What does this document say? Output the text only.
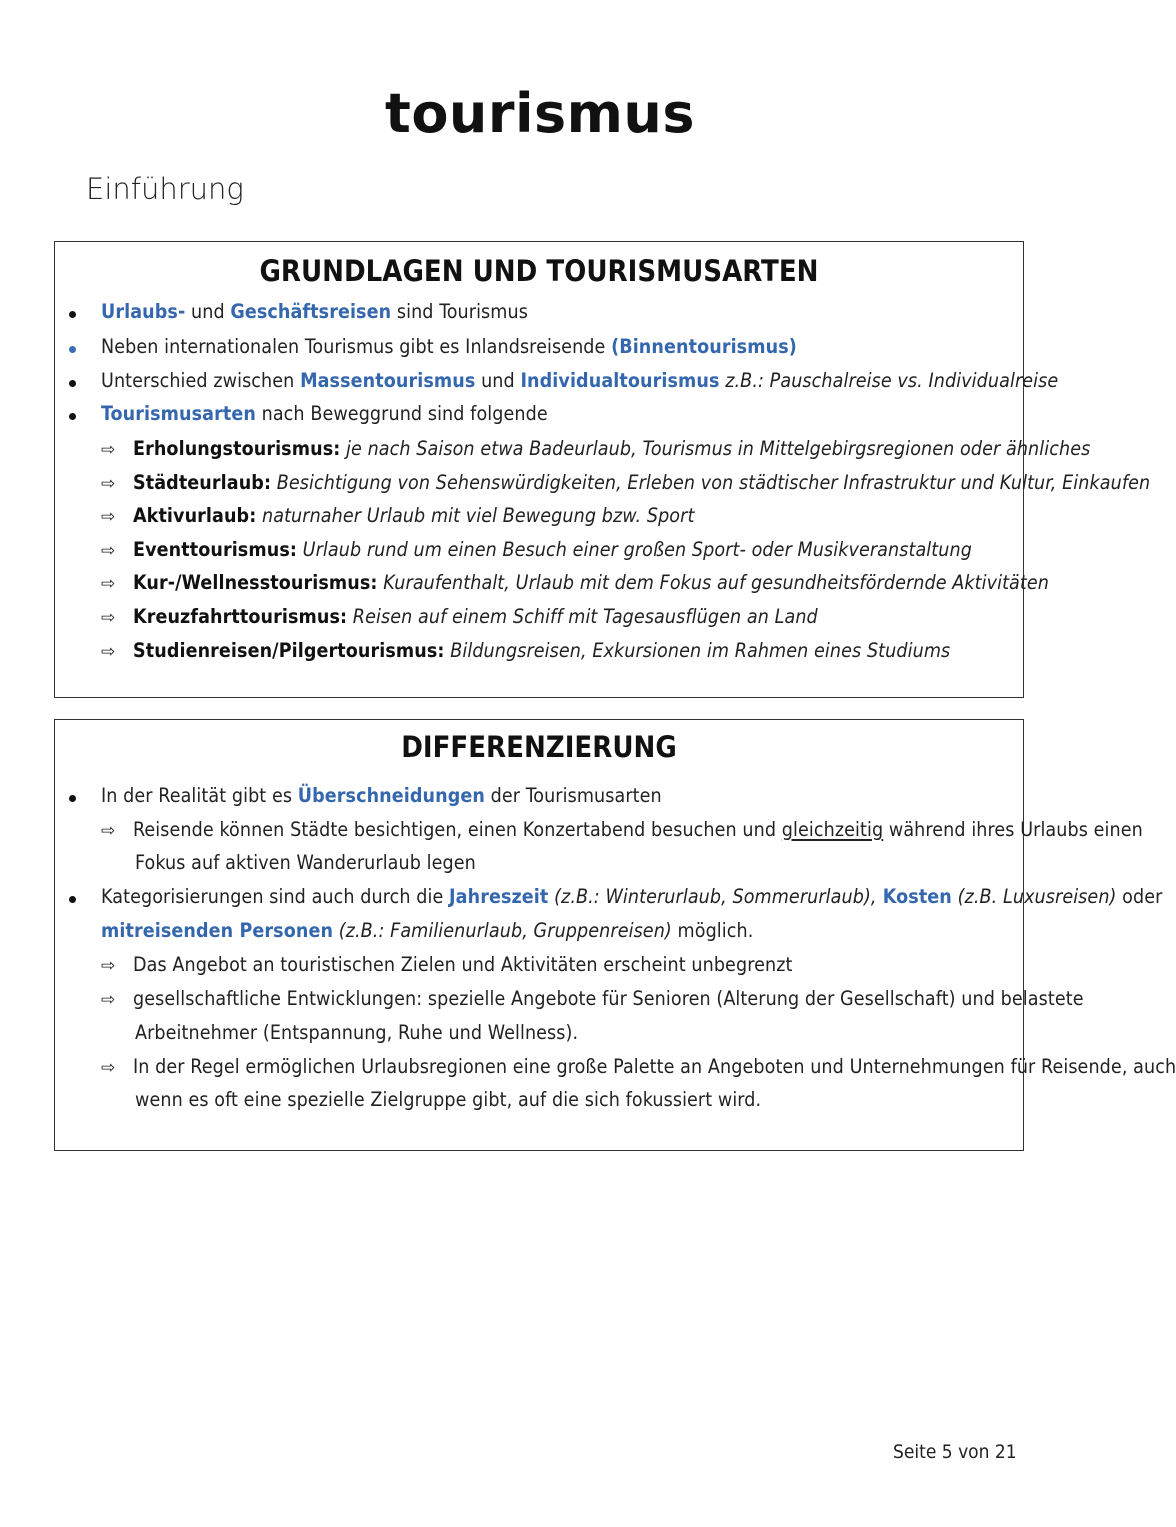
tourismus
Einführung
GRUNDLAGEN UND TOURISMUSARTEN
Urlaubs- und Geschäftsreisen sind Tourismus
Neben internationalen Tourismus gibt es Inlandsreisende (Binnentourismus)
Unterschied zwischen Massentourismus und Individualtourismus z.B.: Pauschalreise vs. Individualreise
Tourismusarten nach Beweggrund sind folgende
⇨ Erholungstourismus: je nach Saison etwa Badeurlaub, Tourismus in Mittelgebirgsregionen oder ähnliches
⇨ Städteurlaub: Besichtigung von Sehenswürdigkeiten, Erleben von städtischer Infrastruktur und Kultur, Einkaufen
⇨ Aktivurlaub: naturnaher Urlaub mit viel Bewegung bzw. Sport
⇨ Eventtourismus: Urlaub rund um einen Besuch einer großen Sport- oder Musikveranstaltung
⇨ Kur-/Wellnesstourismus: Kuraufenthalt, Urlaub mit dem Fokus auf gesundheitsfördernde Aktivitäten
⇨ Kreuzfahrttourismus: Reisen auf einem Schiff mit Tagesausflügen an Land
⇨ Studienreisen/Pilgertourismus: Bildungsreisen, Exkursionen im Rahmen eines Studiums
DIFFERENZIERUNG
In der Realität gibt es Überschneidungen der Tourismusarten
⇨ Reisende können Städte besichtigen, einen Konzertabend besuchen und gleichzeitig während ihres Urlaubs einen
Fokus auf aktiven Wanderurlaub legen
Kategorisierungen sind auch durch die Jahreszeit (z.B.: Winterurlaub, Sommerurlaub), Kosten (z.B. Luxusreisen) oder
mitreisenden Personen (z.B.: Familienurlaub, Gruppenreisen) möglich.
⇨ Das Angebot an touristischen Zielen und Aktivitäten erscheint unbegrenzt
⇨ gesellschaftliche Entwicklungen: spezielle Angebote für Senioren (Alterung der Gesellschaft) und belastete
Arbeitnehmer (Entspannung, Ruhe und Wellness).
⇨ In der Regel ermöglichen Urlaubsregionen eine große Palette an Angeboten und Unternehmungen für Reisende, auch
wenn es oft eine spezielle Zielgruppe gibt, auf die sich fokussiert wird.
Seite 5 von 21
